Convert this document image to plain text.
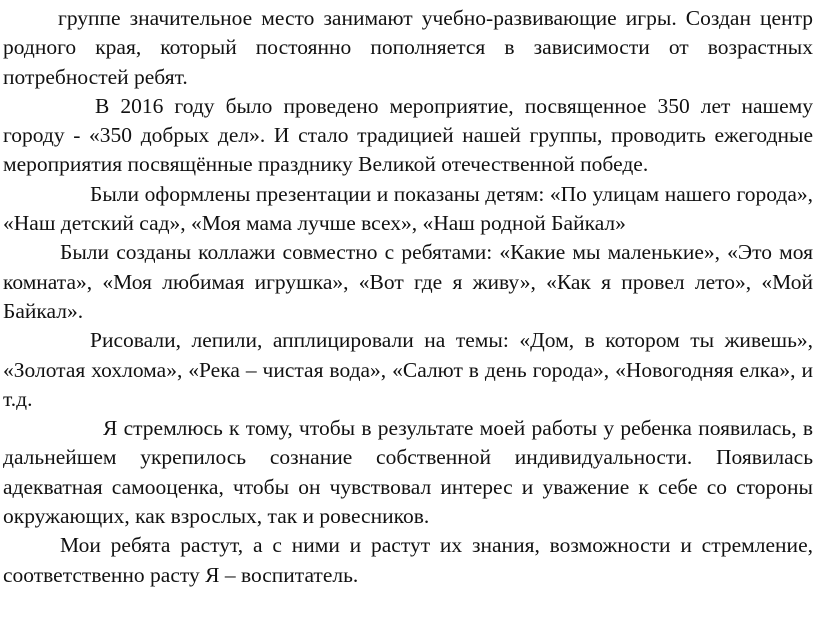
группе значительное место занимают учебно-развивающие игры. Создан центр родного края, который постоянно пополняется в зависимости от возрастных потребностей ребят.

В 2016 году было проведено мероприятие, посвященное 350 лет нашему городу - «350 добрых дел». И стало традицией нашей группы, проводить ежегодные мероприятия посвящённые празднику Великой отечественной победе.

Были оформлены презентации и показаны детям: «По улицам нашего города», «Наш детский сад», «Моя мама лучше всех», «Наш родной Байкал»

Были созданы коллажи совместно с ребятами: «Какие мы маленькие», «Это моя комната», «Моя любимая игрушка», «Вот где я живу», «Как я провел лето», «Мой Байкал».

Рисовали, лепили, апплицировали на темы: «Дом, в котором ты живешь», «Золотая хохлома», «Река – чистая вода», «Салют в день города», «Новогодняя елка», и т.д.

Я стремлюсь к тому, чтобы в результате моей работы у ребенка появилась, в дальнейшем укрепилось сознание собственной индивидуальности. Появилась адекватная самооценка, чтобы он чувствовал интерес и уважение к себе со стороны окружающих, как взрослых, так и ровесников.

Мои ребята растут, а с ними и растут их знания, возможности и стремление, соответственно расту Я – воспитатель.
